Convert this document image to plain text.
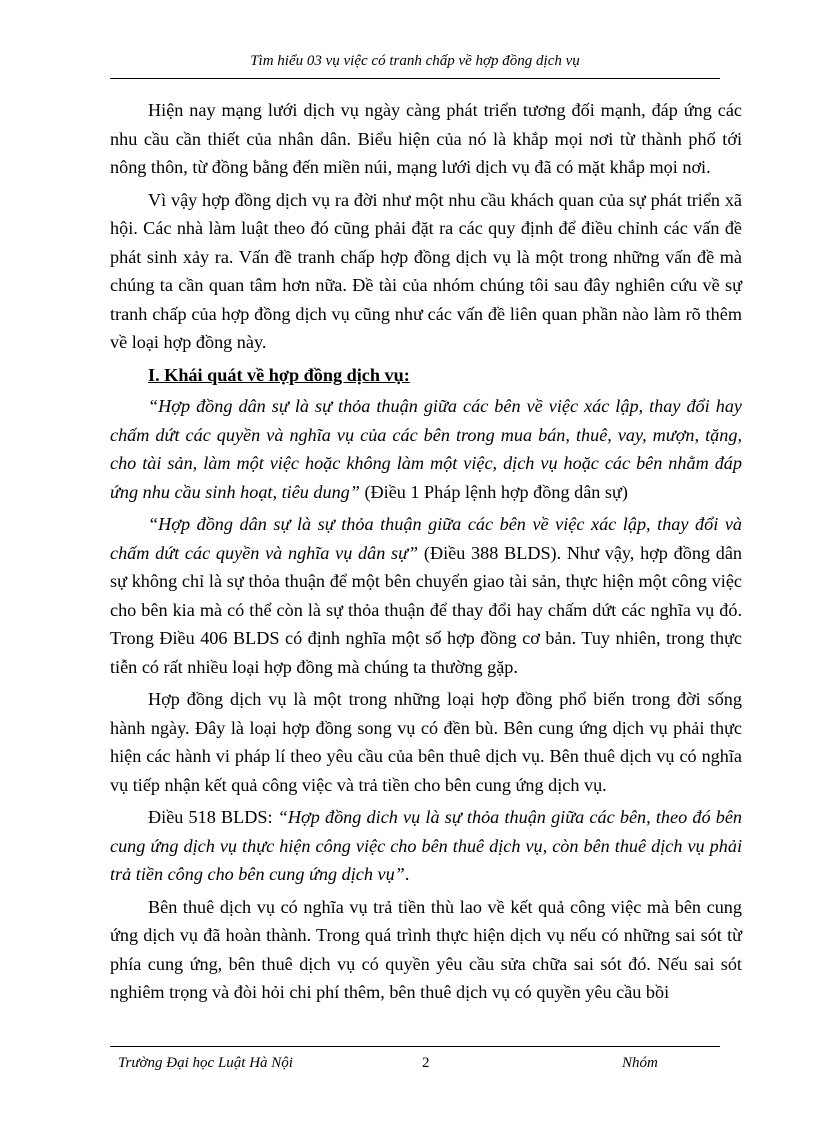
Tìm hiểu 03 vụ việc có tranh chấp về hợp đồng dịch vụ

Hiện nay mạng lưới dịch vụ ngày càng phát triển tương đối mạnh, đáp ứng các nhu cầu cần thiết của nhân dân. Biểu hiện của nó là khắp mọi nơi từ thành phố tới nông thôn, từ đồng bằng đến miền núi, mạng lưới dịch vụ đã có mặt khắp mọi nơi.

Vì vậy hợp đồng dịch vụ ra đời như một nhu cầu khách quan của sự phát triển xã hội. Các nhà làm luật theo đó cũng phải đặt ra các quy định để điều chỉnh các vấn đề phát sinh xảy ra. Vấn đề tranh chấp hợp đồng dịch vụ là một trong những vấn đề mà chúng ta cần quan tâm hơn nữa. Đề tài của nhóm chúng tôi sau đây nghiên cứu về sự tranh chấp của hợp đồng dịch vụ cũng như các vấn đề liên quan phần nào làm rõ thêm về loại hợp đồng này.

I. Khái quát về hợp đồng dịch vụ:

“Hợp đồng dân sự là sự thỏa thuận giữa các bên về việc xác lập, thay đổi hay chấm dứt các quyền và nghĩa vụ của các bên trong mua bán, thuê, vay, mượn, tặng, cho tài sản, làm một việc hoặc không làm một việc, dịch vụ hoặc các bên nhằm đáp ứng nhu cầu sinh hoạt, tiêu dung” (Điều 1 Pháp lệnh hợp đồng dân sự)

“Hợp đồng dân sự là sự thỏa thuận giữa các bên về việc xác lập, thay đổi và chấm dứt các quyền và nghĩa vụ dân sự” (Điều 388 BLDS). Như vậy, hợp đồng dân sự không chỉ là sự thỏa thuận để một bên chuyển giao tài sản, thực hiện một công việc cho bên kia mà có thể còn là sự thỏa thuận để thay đổi hay chấm dứt các nghĩa vụ đó. Trong Điều 406 BLDS có định nghĩa một số hợp đồng cơ bản. Tuy nhiên, trong thực tiễn có rất nhiều loại hợp đồng mà chúng ta thường gặp.

Hợp đồng dịch vụ là một trong những loại hợp đồng phổ biến trong đời sống hành ngày. Đây là loại hợp đồng song vụ có đền bù. Bên cung ứng dịch vụ phải thực hiện các hành vi pháp lí theo yêu cầu của bên thuê dịch vụ. Bên thuê dịch vụ có nghĩa vụ tiếp nhận kết quả công việc và trả tiền cho bên cung ứng dịch vụ.

Điều 518 BLDS: “Hợp đồng dich vụ là sự thỏa thuận giữa các bên, theo đó bên cung ứng dịch vụ thực hiện công việc cho bên thuê dịch vụ, còn bên thuê dịch vụ phải trả tiền công cho bên cung ứng dịch vụ”.

Bên thuê dịch vụ có nghĩa vụ trả tiền thù lao về kết quả công việc mà bên cung ứng dịch vụ đã hoàn thành. Trong quá trình thực hiện dịch vụ nếu có những sai sót từ phía cung ứng, bên thuê dịch vụ có quyền yêu cầu sửa chữa sai sót đó. Nếu sai sót nghiêm trọng và đòi hỏi chi phí thêm, bên thuê dịch vụ có quyền yêu cầu bồi

Trường Đại học Luật Hà Nội	2	Nhóm
